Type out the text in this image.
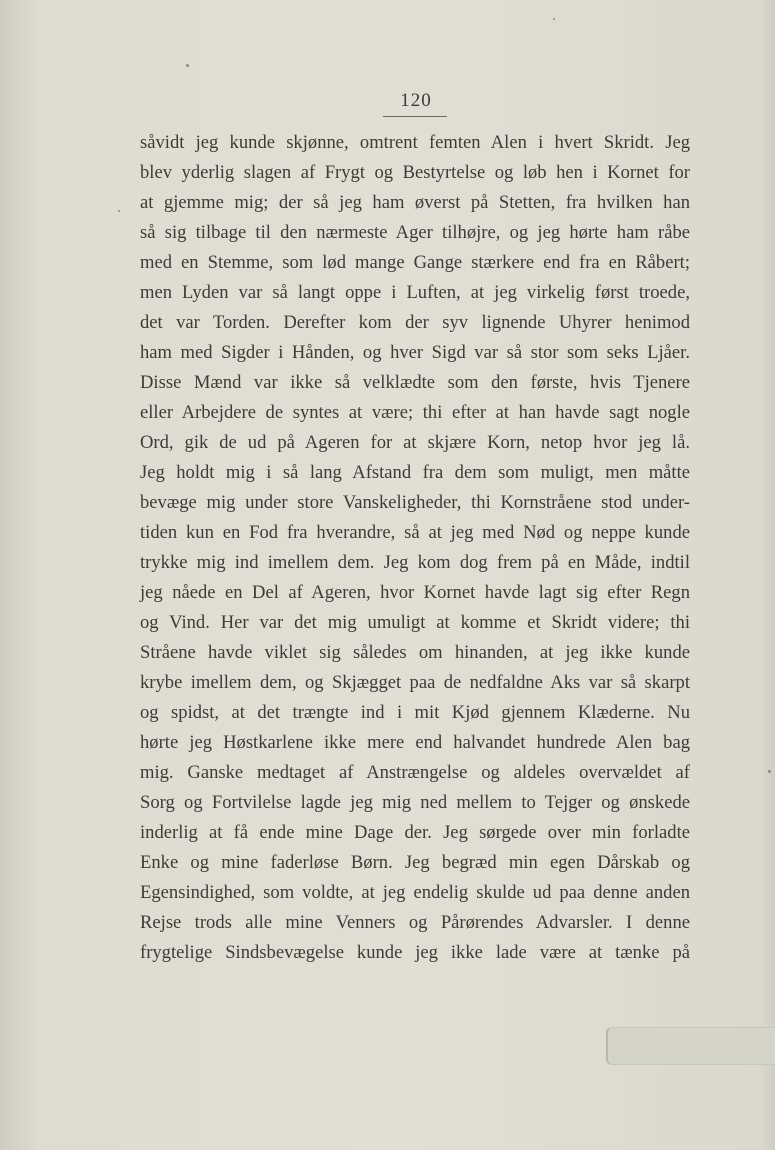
120
såvidt jeg kunde skjønne, omtrent femten Alen i hvert Skridt. Jeg
blev yderlig slagen af Frygt og Bestyrtelse og løb hen i Kornet for
at gjemme mig; der så jeg ham øverst på Stetten, fra hvilken han
så sig tilbage til den nærmeste Ager tilhøjre, og jeg hørte ham råbe
med en Stemme, som lød mange Gange stærkere end fra en Råbert;
men Lyden var så langt oppe i Luften, at jeg virkelig først troede,
det var Torden. Derefter kom der syv lignende Uhyrer henimod
ham med Sigder i Hånden, og hver Sigd var så stor som seks Ljåer.
Disse Mænd var ikke så velklædte som den første, hvis Tjenere
eller Arbejdere de syntes at være; thi efter at han havde sagt nogle
Ord, gik de ud på Ageren for at skjære Korn, netop hvor jeg lå.
Jeg holdt mig i så lang Afstand fra dem som muligt, men måtte
bevæge mig under store Vanskeligheder, thi Kornstråene stod under-
tiden kun en Fod fra hverandre, så at jeg med Nød og neppe kunde
trykke mig ind imellem dem. Jeg kom dog frem på en Måde, indtil
jeg nåede en Del af Ageren, hvor Kornet havde lagt sig efter Regn
og Vind. Her var det mig umuligt at komme et Skridt videre; thi
Stråene havde viklet sig således om hinanden, at jeg ikke kunde
krybe imellem dem, og Skjægget paa de nedfaldne Aks var så skarpt
og spidst, at det trængte ind i mit Kjød gjennem Klæderne. Nu
hørte jeg Høstkarlene ikke mere end halvandet hundrede Alen bag
mig. Ganske medtaget af Anstrængelse og aldeles overvældet af
Sorg og Fortvilelse lagde jeg mig ned mellem to Tejger og ønskede
inderlig at få ende mine Dage der. Jeg sørgede over min forladte
Enke og mine faderløse Børn. Jeg begræd min egen Dårskab og
Egensindighed, som voldte, at jeg endelig skulde ud paa denne anden
Rejse trods alle mine Venners og Pårørendes Advarsler. I denne
frygtelige Sindsbevægelse kunde jeg ikke lade være at tænke på
